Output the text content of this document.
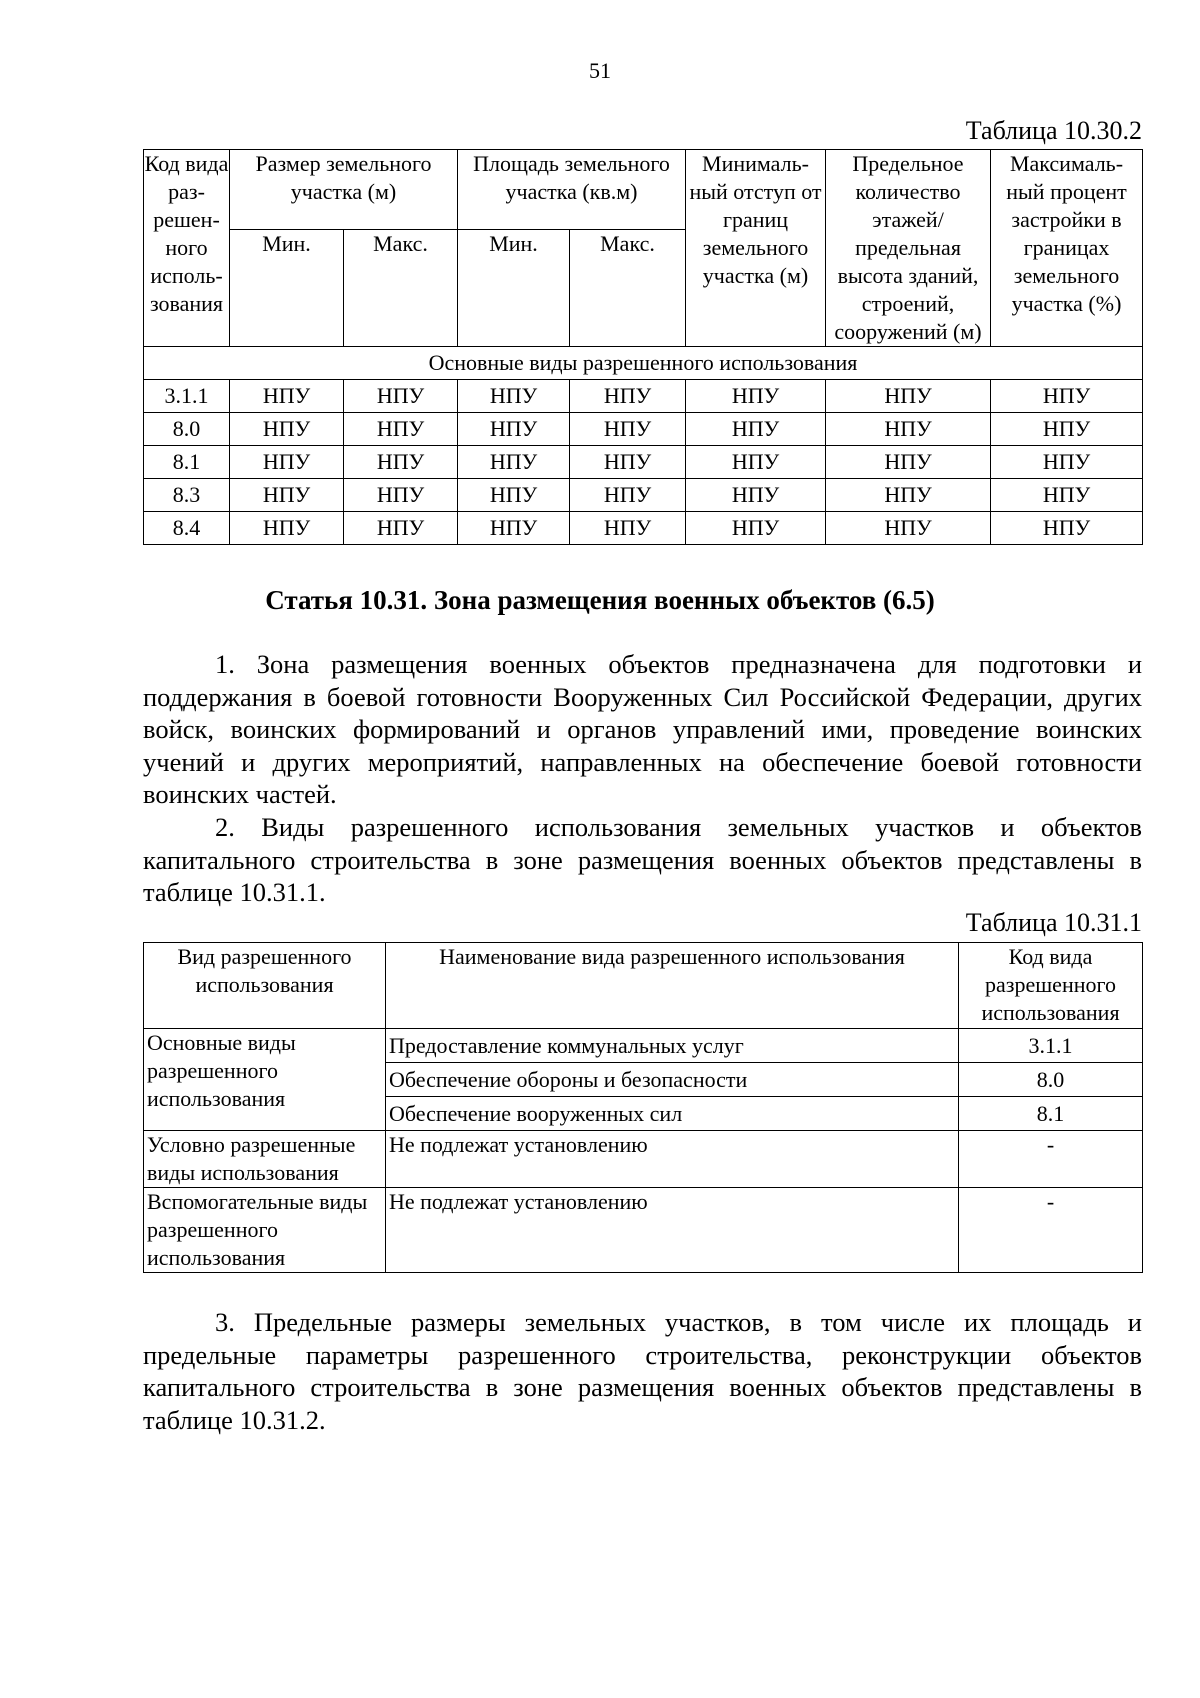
51
Таблица 10.30.2
Код вида раз-решен-ного исполь-зования	Размер земельного участка (м)		Площадь земельного участка (кв.м)		Минималь-ный отступ от границ земельного участка (м)	Предельное количество этажей/ предельная высота зданий, строений, сооружений (м)	Максималь-ный процент застройки в границах земельного участка (%)
	Мин.	Макс.	Мин.	Макс.			
Основные виды разрешенного использования							
3.1.1	НПУ	НПУ	НПУ	НПУ	НПУ	НПУ	НПУ
8.0	НПУ	НПУ	НПУ	НПУ	НПУ	НПУ	НПУ
8.1	НПУ	НПУ	НПУ	НПУ	НПУ	НПУ	НПУ
8.3	НПУ	НПУ	НПУ	НПУ	НПУ	НПУ	НПУ
8.4	НПУ	НПУ	НПУ	НПУ	НПУ	НПУ	НПУ
Статья 10.31. Зона размещения военных объектов (6.5)
1. Зона размещения военных объектов предназначена для подготовки и поддержания в боевой готовности Вооруженных Сил Российской Федерации, других войск, воинских формирований и органов управлений ими, проведение воинских учений и других мероприятий, направленных на обеспечение боевой готовности воинских частей.
2. Виды разрешенного использования земельных участков и объектов капитального строительства в зоне размещения военных объектов представлены в таблице 10.31.1.
Таблица 10.31.1
Вид разрешенного использования	Наименование вида разрешенного использования	Код вида разрешенного использования
Основные виды разрешенного использования	Предоставление коммунальных услуг	3.1.1
	Обеспечение обороны и безопасности	8.0
	Обеспечение вооруженных сил	8.1
Условно разрешенные виды использования	Не подлежат установлению	-
Вспомогательные виды разрешенного использования	Не подлежат установлению	-
3. Предельные размеры земельных участков, в том числе их площадь и предельные параметры разрешенного строительства, реконструкции объектов капитального строительства в зоне размещения военных объектов представлены в таблице 10.31.2.
